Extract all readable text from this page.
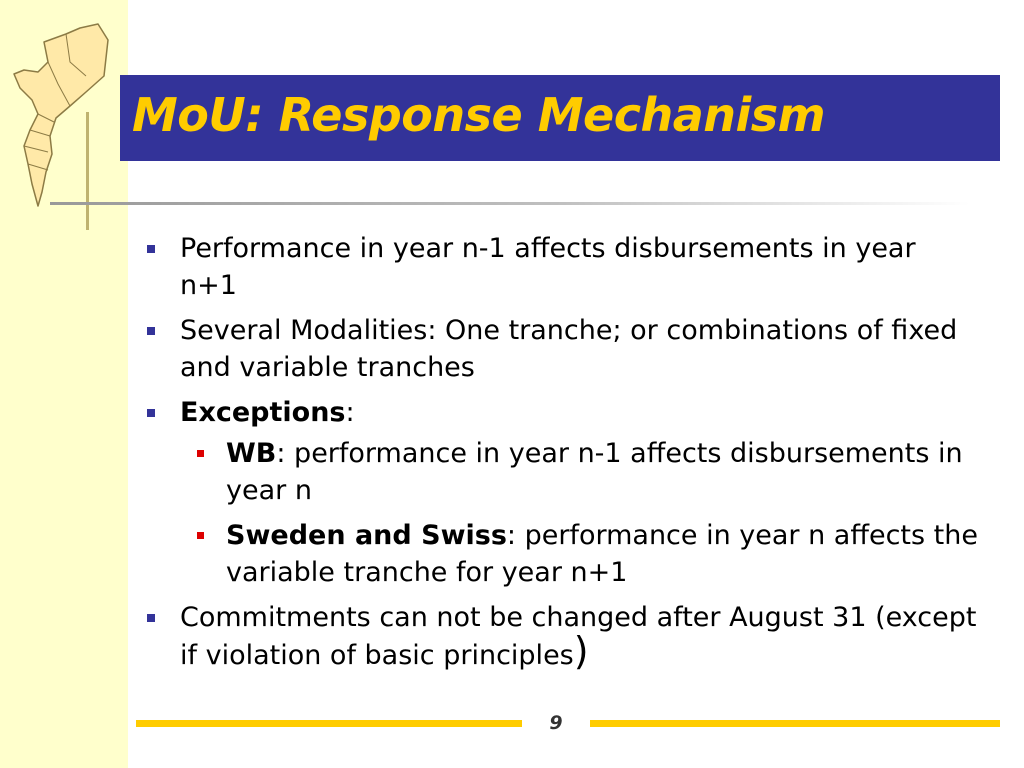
MoU: Response Mechanism
Performance in year n-1 affects disbursements in year n+1
Several Modalities: One tranche; or combinations of fixed and variable tranches
Exceptions:
WB: performance in year n-1 affects disbursements in year n
Sweden and Swiss: performance in year n affects the variable tranche for year n+1
Commitments can not be changed after August 31 (except if violation of basic principles)
9
